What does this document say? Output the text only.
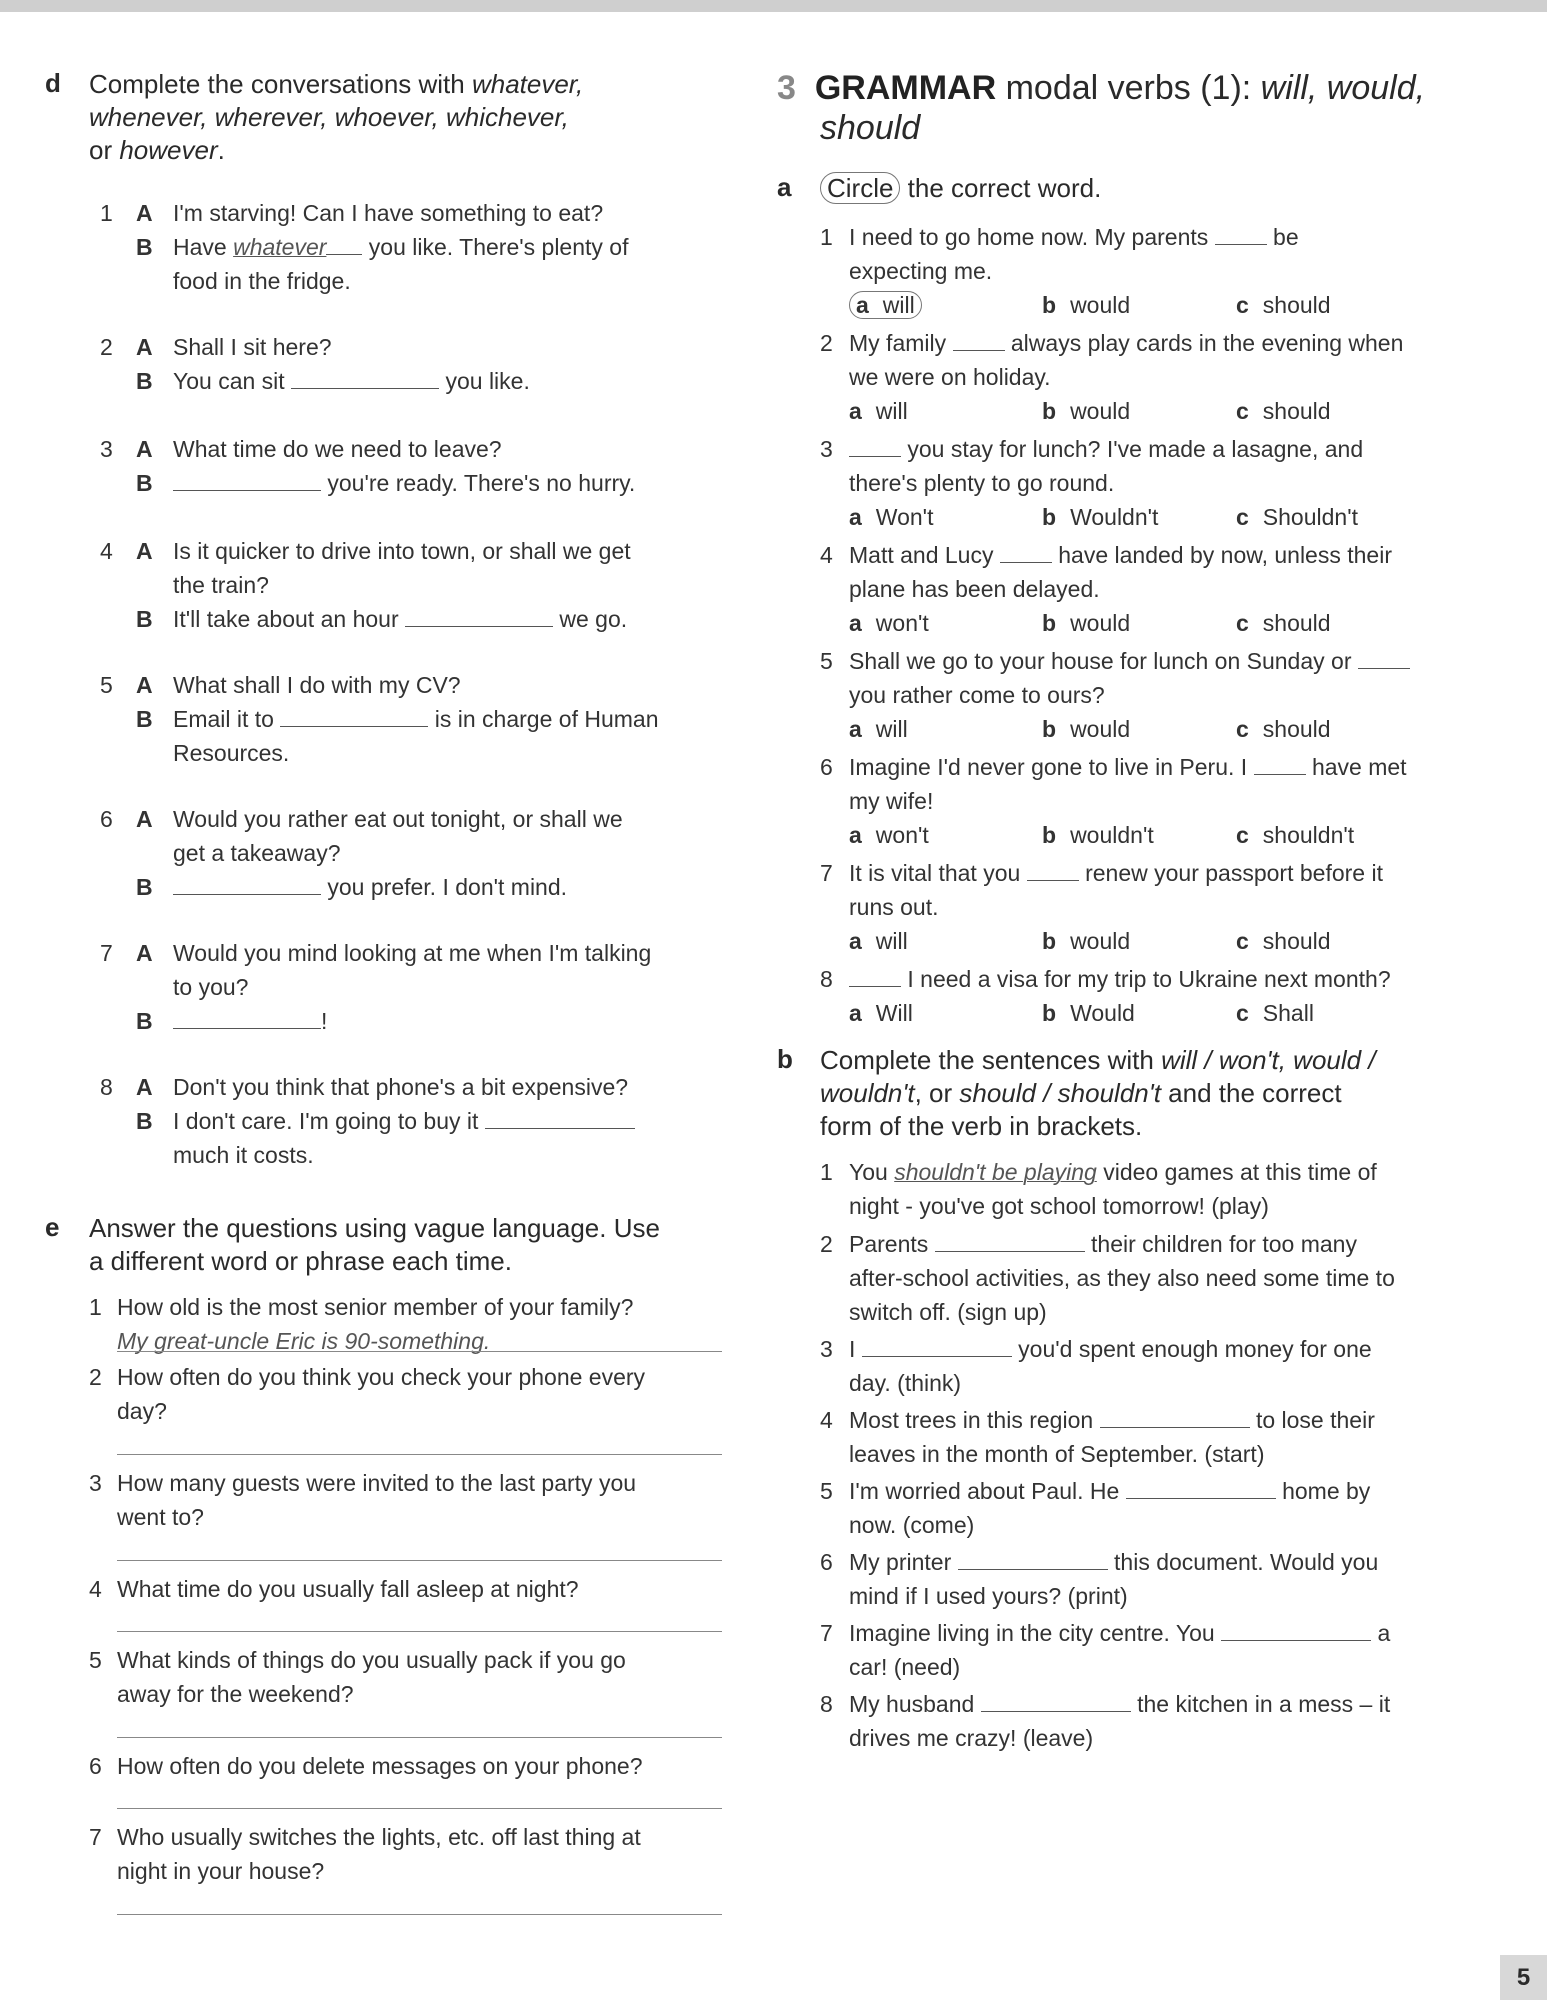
d Complete the conversations with whatever,
whenever, wherever, whoever, whichever,
or however.
1 A I'm starving! Can I have something to eat?
B Have whatever you like. There's plenty of
food in the fridge.
2 A Shall I sit here?
B You can sit	you like.
3 A What time do we need to leave?
B	you're ready. There's no hurry.
4 A Is it quicker to drive into town, or shall we get
the train?
B It'll take about an hour	we go.
5 A What shall I do with my CV?
B Email it to	is in charge of Human
Resources.
6 A Would you rather eat out tonight, or shall we
get a takeaway?
B	you prefer. I don't mind.
7 A Would you mind looking at me when I'm talking
to you?
B	!
8 A Don't you think that phone's a bit expensive?
B I don't care. I'm going to buy it
much it costs.
e Answer the questions using vague language. Use
a different word or phrase each time.
1 How old is the most senior member of your family?
My great-uncle Eric is 90-something.
2 How often do you think you check your phone every
day?
3 How many guests were invited to the last party you
went to?
4 What time do you usually fall asleep at night?
5 What kinds of things do you usually pack if you go
away for the weekend?
6 How often do you delete messages on your phone?
7 Who usually switches the lights, etc. off last thing at
night in your house?
3 GRAMMAR modal verbs (1): will, would,
should
a Circle the correct word.
1 I need to go home now. My parents  be
expecting me.
a will	b would	c should
2 My family  always play cards in the evening when
we were on holiday.
a will	b would	c should
3	you stay for lunch? I've made a lasagne, and
there's plenty to go round.
a Won't	b Wouldn't	c Shouldn't
4 Matt and Lucy  have landed by now, unless their
plane has been delayed.
a won't	b would	c should
5 Shall we go to your house for lunch on Sunday or
you rather come to ours?
a will	b would	c should
6 Imagine I'd never gone to live in Peru. I  have met
my wife!
a won't	b wouldn't	c shouldn't
7 It is vital that you  renew your passport before it
runs out.
a will	b would	c should
8	I need a visa for my trip to Ukraine next month?
a Will	b Would	c Shall
b Complete the sentences with will / won't, would /
wouldn't, or should / shouldn't and the correct
form of the verb in brackets.
1 You shouldn't be playing video games at this time of
night - you've got school tomorrow! (play)
2 Parents	their children for too many
after-school activities, as they also need some time to
switch off. (sign up)
3 I	you'd spent enough money for one
day. (think)
4 Most trees in this region	to lose their
leaves in the month of September. (start)
5 I'm worried about Paul. He	home by
now. (come)
6 My printer	this document. Would you
mind if I used yours? (print)
7 Imagine living in the city centre. You	a
car! (need)
8 My husband	the kitchen in a mess – it
drives me crazy! (leave)
5
